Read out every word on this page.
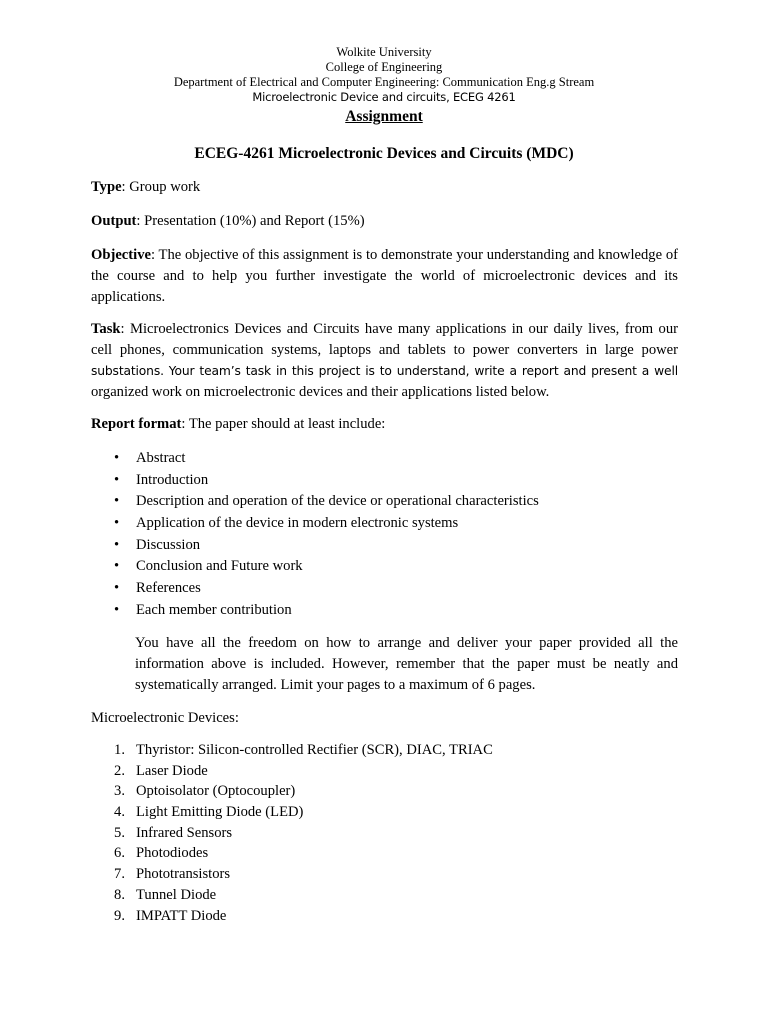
Wolkite University
College of Engineering
Department of Electrical and Computer Engineering: Communication Eng.g Stream
Microelectronic Device and circuits, ECEG 4261
Assignment
ECEG-4261 Microelectronic Devices and Circuits (MDC)
Type: Group work
Output: Presentation (10%) and Report (15%)
Objective: The objective of this assignment is to demonstrate your understanding and knowledge of the course and to help you further investigate the world of microelectronic devices and its applications.
Task: Microelectronics Devices and Circuits have many applications in our daily lives, from our cell phones, communication systems, laptops and tablets to power converters in large power substations. Your team’s task in this project is to understand, write a report and present a well organized work on microelectronic devices and their applications listed below.
Report format: The paper should at least include:
• Abstract
• Introduction
• Description and operation of the device or operational characteristics
• Application of the device in modern electronic systems
• Discussion
• Conclusion and Future work
• References
• Each member contribution
You have all the freedom on how to arrange and deliver your paper provided all the information above is included. However, remember that the paper must be neatly and systematically arranged. Limit your pages to a maximum of 6 pages.
Microelectronic Devices:
1. Thyristor: Silicon-controlled Rectifier (SCR), DIAC, TRIAC
2. Laser Diode
3. Optoisolator (Optocoupler)
4. Light Emitting Diode (LED)
5. Infrared Sensors
6. Photodiodes
7. Phototransistors
8. Tunnel Diode
9. IMPATT Diode
